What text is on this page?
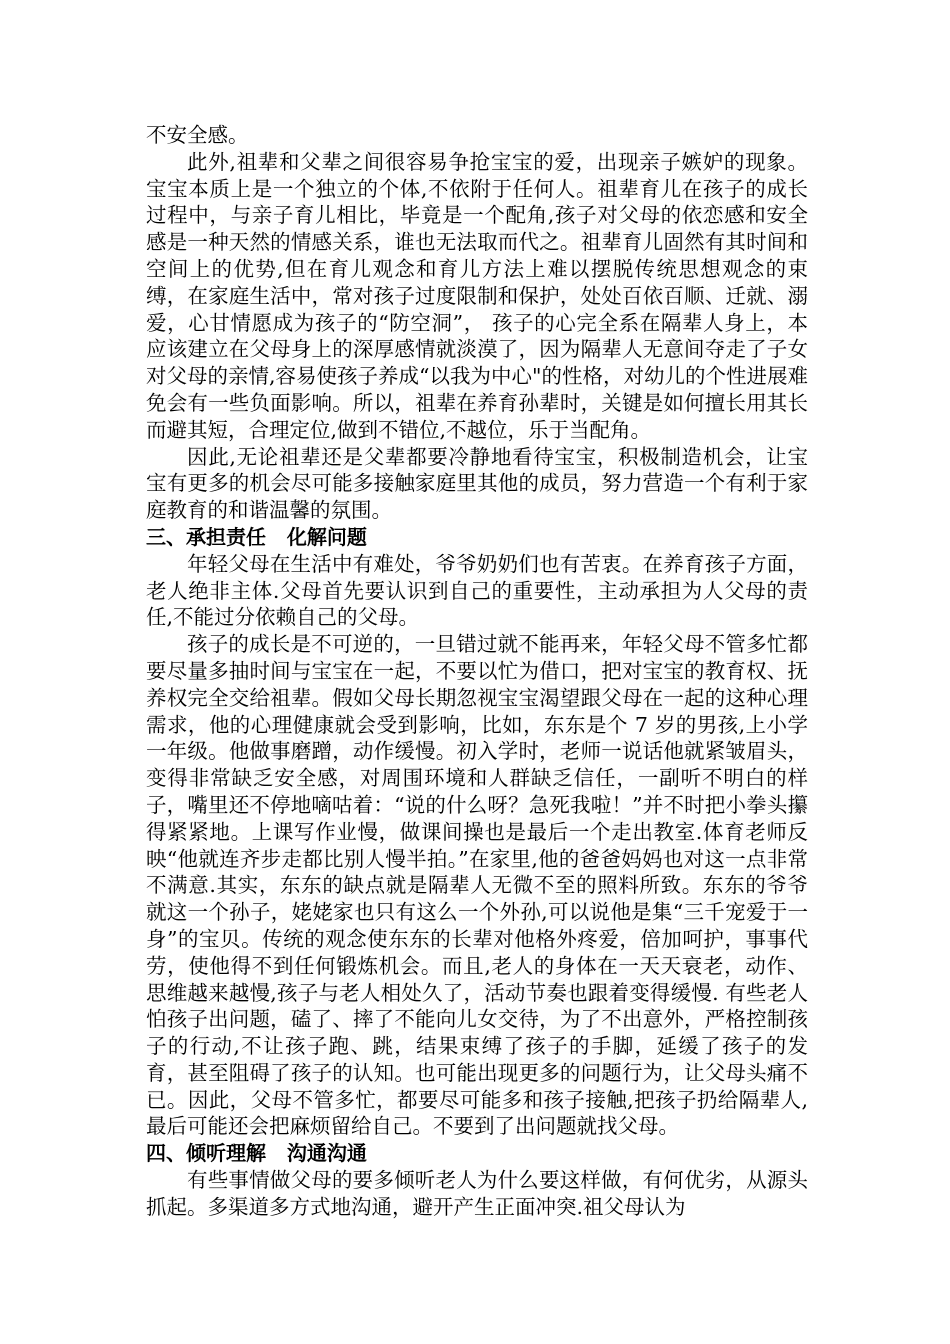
不安全感。

此外,祖辈和父辈之间很容易争抢宝宝的爱，出现亲子嫉妒的现象。宝宝本质上是一个独立的个体,不依附于任何人。祖辈育儿在孩子的成长过程中，与亲子育儿相比，毕竟是一个配角,孩子对父母的依恋感和安全感是一种天然的情感关系，谁也无法取而代之。祖辈育儿固然有其时间和空间上的优势,但在育儿观念和育儿方法上难以摆脱传统思想观念的束缚，在家庭生活中，常对孩子过度限制和保护，处处百依百顺、迁就、溺爱，心甘情愿成为孩子的“防空洞”， 孩子的心完全系在隔辈人身上，本应该建立在父母身上的深厚感情就淡漠了，因为隔辈人无意间夺走了子女对父母的亲情,容易使孩子养成“以我为中心"的性格，对幼儿的个性进展难免会有一些负面影响。所以，祖辈在养育孙辈时，关键是如何擅长用其长而避其短，合理定位,做到不错位,不越位，乐于当配角。

因此,无论祖辈还是父辈都要冷静地看待宝宝，积极制造机会，让宝宝有更多的机会尽可能多接触家庭里其他的成员，努力营造一个有利于家庭教育的和谐温馨的氛围。

三、承担责任   化解问题

年轻父母在生活中有难处，爷爷奶奶们也有苦衷。在养育孩子方面，老人绝非主体.父母首先要认识到自己的重要性，主动承担为人父母的责任,不能过分依赖自己的父母。

孩子的成长是不可逆的，一旦错过就不能再来，年轻父母不管多忙都要尽量多抽时间与宝宝在一起，不要以忙为借口，把对宝宝的教育权、抚养权完全交给祖辈。假如父母长期忽视宝宝渴望跟父母在一起的这种心理需求，他的心理健康就会受到影响，比如，东东是个 7 岁的男孩,上小学一年级。他做事磨蹭，动作缓慢。初入学时，老师一说话他就紧皱眉头，变得非常缺乏安全感，对周围环境和人群缺乏信任，一副听不明白的样子，嘴里还不停地嘀咕着：“说的什么呀？急死我啦！”并不时把小拳头攥得紧紧地。上课写作业慢，做课间操也是最后一个走出教室.体育老师反映“他就连齐步走都比别人慢半拍。”在家里,他的爸爸妈妈也对这一点非常不满意.其实，东东的缺点就是隔辈人无微不至的照料所致。东东的爷爷就这一个孙子，姥姥家也只有这么一个外孙,可以说他是集“三千宠爱于一身”的宝贝。传统的观念使东东的长辈对他格外疼爱，倍加呵护，事事代劳，使他得不到任何锻炼机会。而且,老人的身体在一天天衰老，动作、思维越来越慢,孩子与老人相处久了，活动节奏也跟着变得缓慢. 有些老人怕孩子出问题，磕了、摔了不能向儿女交待，为了不出意外，严格控制孩子的行动,不让孩子跑、跳，结果束缚了孩子的手脚，延缓了孩子的发育，甚至阻碍了孩子的认知。也可能出现更多的问题行为，让父母头痛不已。因此，父母不管多忙，都要尽可能多和孩子接触,把孩子扔给隔辈人,最后可能还会把麻烦留给自己。不要到了出问题就找父母。

四、倾听理解   沟通沟通

有些事情做父母的要多倾听老人为什么要这样做，有何优劣，从源头抓起。多渠道多方式地沟通，避开产生正面冲突.祖父母认为
